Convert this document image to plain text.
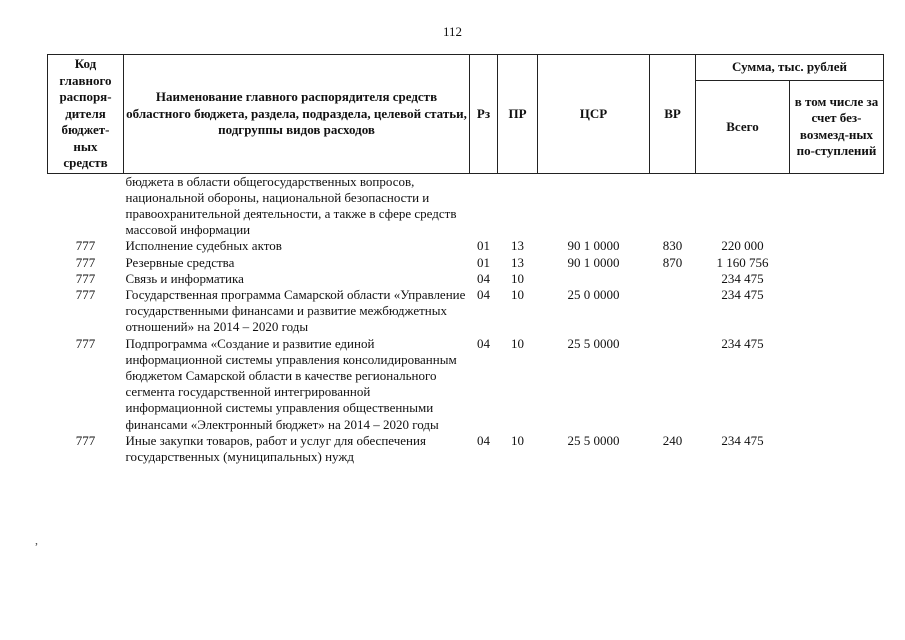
112
Код главного распоря-дителя бюджет-ных средств	Наименование главного распорядителя средств областного бюджета, раздела, подраздела, целевой статьи, подгруппы видов расходов	Рз	ПР	ЦСР	ВР	Сумма, тыс. рублей	
						Всего	в том числе за счет без-возмезд-ных по-ступлений
	бюджета в области общегосударственных вопросов, национальной обороны, национальной безопасности и правоохранительной деятельности, а также в сфере средств массовой информации						
777	Исполнение судебных актов	01	13	90 1 0000	830	220 000	
777	Резервные средства	01	13	90 1 0000	870	1 160 756	
777	Связь и информатика	04	10			234 475	
777	Государственная программа Самарской области «Управление государственными финансами и развитие межбюджетных отношений» на 2014 – 2020 годы	04	10	25 0 0000		234 475	
777	Подпрограмма «Создание и развитие единой информационной системы управления консолидированным бюджетом Самарской области в качестве регионального сегмента государственной интегрированной информационной системы управления общественными финансами «Электронный бюджет» на 2014 – 2020 годы	04	10	25 5 0000		234 475	
777	Иные закупки товаров, работ и услуг для обеспечения государственных (муниципальных) нужд	04	10	25 5 0000	240	234 475	
,
